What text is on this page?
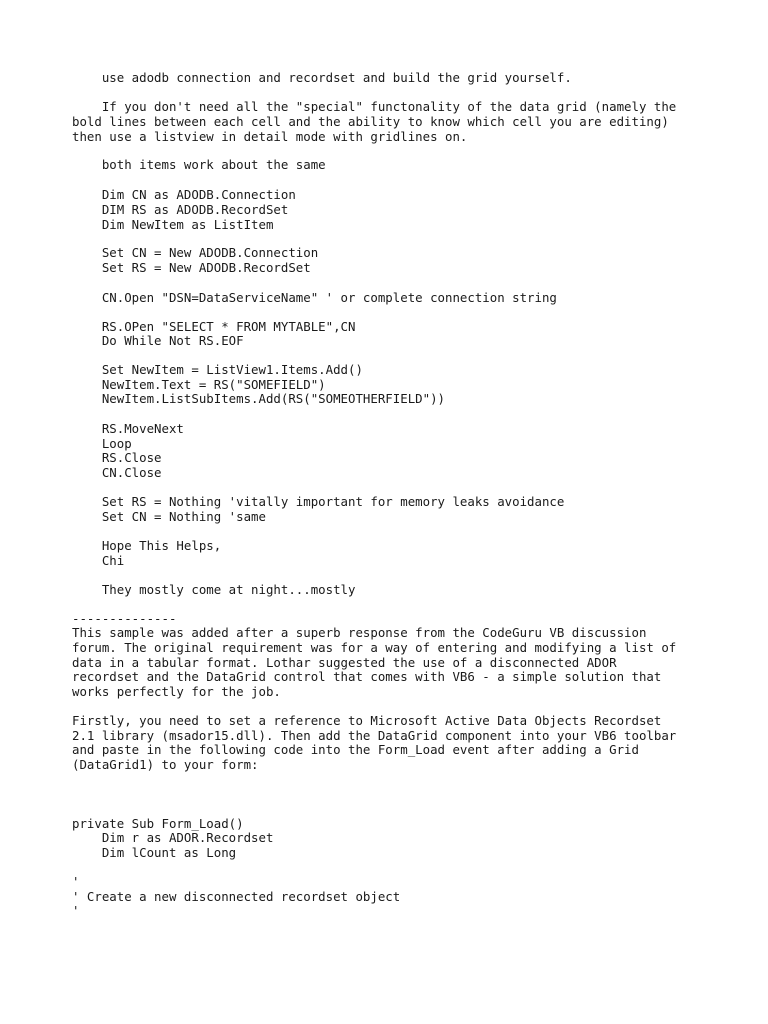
use adodb connection and recordset and build the grid yourself.

If you don't need all the "special" functonality of the data grid (namely the

bold lines between each cell and the ability to know which cell you are editing)

then use a listview in detail mode with gridlines on.

both items work about the same

Dim CN as ADODB.Connection

DIM RS as ADODB.RecordSet

Dim NewItem as ListItem

Set CN = New ADODB.Connection

Set RS = New ADODB.RecordSet

CN.Open "DSN=DataServiceName" ' or complete connection string

RS.OPen "SELECT * FROM MYTABLE",CN

Do While Not RS.EOF

Set NewItem = ListView1.Items.Add()

NewItem.Text = RS("SOMEFIELD")

NewItem.ListSubItems.Add(RS("SOMEOTHERFIELD"))

RS.MoveNext

Loop

RS.Close

CN.Close

Set RS = Nothing 'vitally important for memory leaks avoidance

Set CN = Nothing 'same

Hope This Helps,

Chi

They mostly come at night...mostly

--------------

This sample was added after a superb response from the CodeGuru VB discussion

forum. The original requirement was for a way of entering and modifying a list of

data in a tabular format. Lothar suggested the use of a disconnected ADOR

recordset and the DataGrid control that comes with VB6 - a simple solution that

works perfectly for the job.

Firstly, you need to set a reference to Microsoft Active Data Objects Recordset

2.1 library (msador15.dll). Then add the DataGrid component into your VB6 toolbar

and paste in the following code into the Form_Load event after adding a Grid

(DataGrid1) to your form:

private Sub Form_Load()

Dim r as ADOR.Recordset

Dim lCount as Long

'

' Create a new disconnected recordset object

'
